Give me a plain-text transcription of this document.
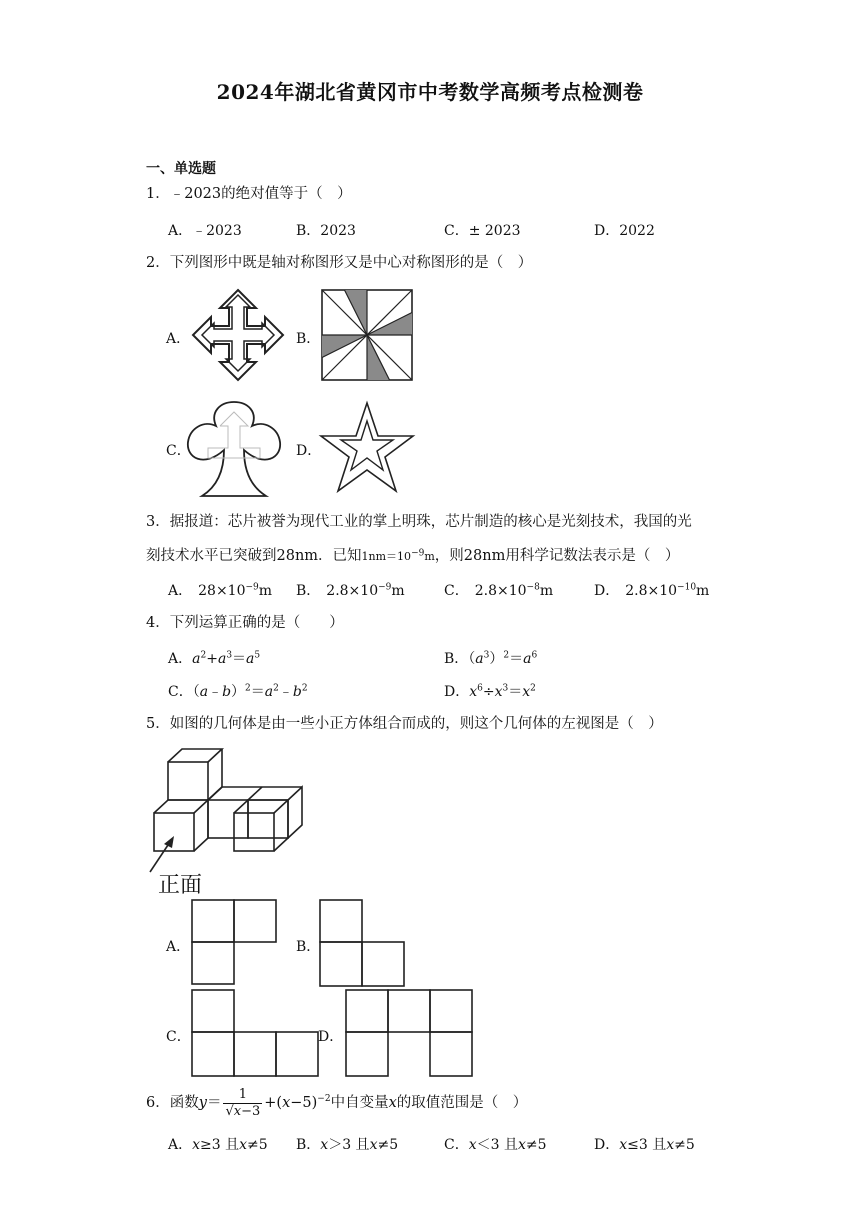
2024年湖北省黄冈市中考数学高频考点检测卷
一、单选题
1．﹣2023的绝对值等于（　）
A．﹣2023	B．2023	C．± 2023	D．2022
2．下列图形中既是轴对称图形又是中心对称图形的是（　）
A．	B．
C．	D．
3．据报道：芯片被誉为现代工业的掌上明珠，芯片制造的核心是光刻技术，我国的光
刻技术水平已突破到28nm．已知$1nm=10^{-9}m$，则28nm用科学记数法表示是（　）
A． $28\times 10^{-9}m$ B． $2.8\times 10^{-9}m$	C． $2.8\times 10^{-8}m$	D． $2.8\times 10^{-10}m$
4．下列运算正确的是（　　）
A．$a^2+a^3=a^5$	B．$(a^3)^2=a^6$
C．$(a﹣b)^2=a^2﹣b^2$	D．$x^6\div x^3=x^2$
5．如图的几何体是由一些小正方体组合而成的，则这个几何体的左视图是（　）
正面
A．	B．
C．	D．
6．函数$y= \frac{1}{√x-3} +(x-5)^{-2}$中自变量x的取值范围是（　）
A．x≥3 且x≠5 B．x＞3 且x≠5	C．x＜3 且x≠5	D．x≤3 且x≠5
